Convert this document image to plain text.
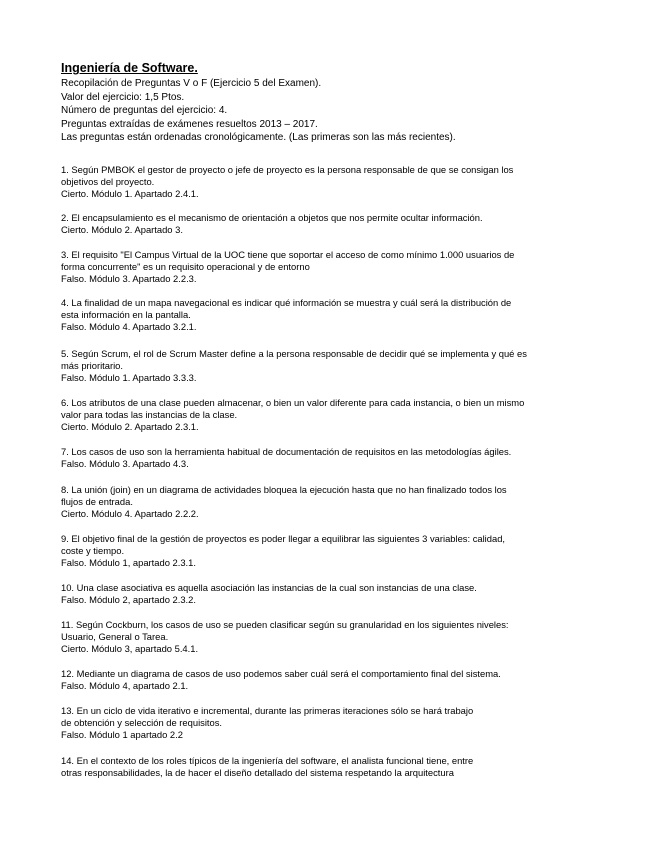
Ingeniería de Software.
Recopilación de Preguntas V o F (Ejercicio 5 del Examen).
Valor del ejercicio: 1,5 Ptos.
Número de preguntas del ejercicio: 4.
Preguntas extraídas de exámenes resueltos 2013 – 2017.
Las preguntas están ordenadas cronológicamente. (Las primeras son las más recientes).
1. Según PMBOK el gestor de proyecto o jefe de proyecto es la persona responsable de que se consigan los
objetivos del proyecto.
Cierto. Módulo 1. Apartado 2.4.1.
2. El encapsulamiento es el mecanismo de orientación a objetos que nos permite ocultar información.
Cierto. Módulo 2. Apartado 3.
3. El requisito "El Campus Virtual de la UOC tiene que soportar el acceso de como mínimo 1.000 usuarios de
forma concurrente" es un requisito operacional y de entorno
Falso. Módulo 3. Apartado 2.2.3.
4. La finalidad de un mapa navegacional es indicar qué información se muestra y cuál será la distribución de
esta información en la pantalla.
Falso. Módulo 4. Apartado 3.2.1.
5. Según Scrum, el rol de Scrum Master define a la persona responsable de decidir qué se implementa y qué es
más prioritario.
Falso. Módulo 1. Apartado 3.3.3.
6. Los atributos de una clase pueden almacenar, o bien un valor diferente para cada instancia, o bien un mismo
valor para todas las instancias de la clase.
Cierto. Módulo 2. Apartado 2.3.1.
7. Los casos de uso son la herramienta habitual de documentación de requisitos en las metodologías ágiles.
Falso. Módulo 3. Apartado 4.3.
8. La unión (join) en un diagrama de actividades bloquea la ejecución hasta que no han finalizado todos los
flujos de entrada.
Cierto. Módulo 4. Apartado 2.2.2.
9. El objetivo final de la gestión de proyectos es poder llegar a equilibrar las siguientes 3 variables: calidad,
coste y tiempo.
Falso. Módulo 1, apartado 2.3.1.
10. Una clase asociativa es aquella asociación las instancias de la cual son instancias de una clase.
Falso. Módulo 2, apartado 2.3.2.
11. Según Cockburn, los casos de uso se pueden clasificar según su granularidad en los siguientes niveles:
Usuario, General o Tarea.
Cierto. Módulo 3, apartado 5.4.1.
12. Mediante un diagrama de casos de uso podemos saber cuál será el comportamiento final del sistema.
Falso. Módulo 4, apartado 2.1.
13. En un ciclo de vida iterativo e incremental, durante las primeras iteraciones sólo se hará trabajo
de obtención y selección de requisitos.
Falso. Módulo 1 apartado 2.2
14. En el contexto de los roles típicos de la ingeniería del software, el analista funcional tiene, entre
otras responsabilidades, la de hacer el diseño detallado del sistema respetando la arquitectura
